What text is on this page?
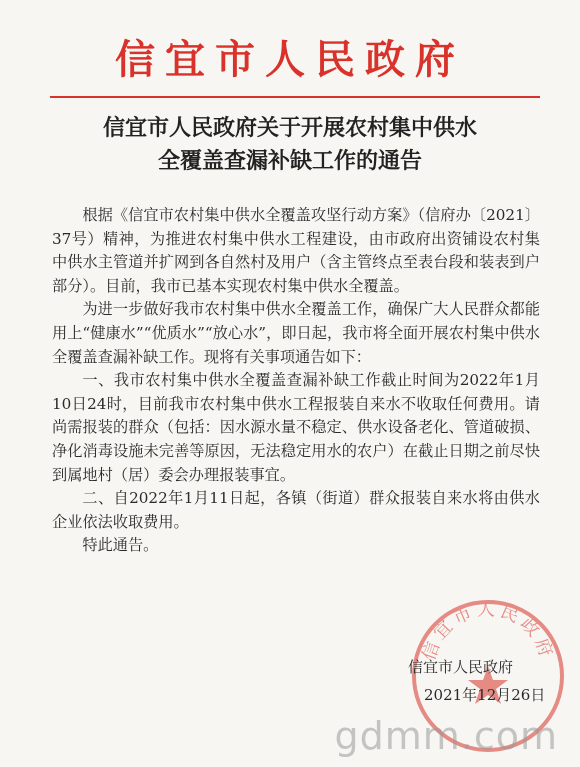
信宜市人民政府
信宜市人民政府关于开展农村集中供水
全覆盖查漏补缺工作的通告

根据《信宜市农村集中供水全覆盖攻坚行动方案》（信府办〔2021〕37号）精神，为推进农村集中供水工程建设，由市政府出资铺设农村集中供水主管道并扩网到各自然村及用户（含主管终点至表台段和装表到户部分）。目前，我市已基本实现农村集中供水全覆盖。

为进一步做好我市农村集中供水全覆盖工作，确保广大人民群众都能用上“健康水”“优质水”“放心水”，即日起，我市将全面开展农村集中供水全覆盖查漏补缺工作。现将有关事项通告如下：

一、我市农村集中供水全覆盖查漏补缺工作截止时间为2022年1月10日24时，目前我市农村集中供水工程报装自来水不收取任何费用。请尚需报装的群众（包括：因水源水量不稳定、供水设备老化、管道破损、净化消毒设施未完善等原因，无法稳定用水的农户）在截止日期之前尽快到属地村（居）委会办理报装事宜。

二、自2022年1月11日起，各镇（街道）群众报装自来水将由供水企业依法收取费用。

特此通告。

信宜市人民政府
信宜市人民政府
2021年12月26日
gdmm.com
